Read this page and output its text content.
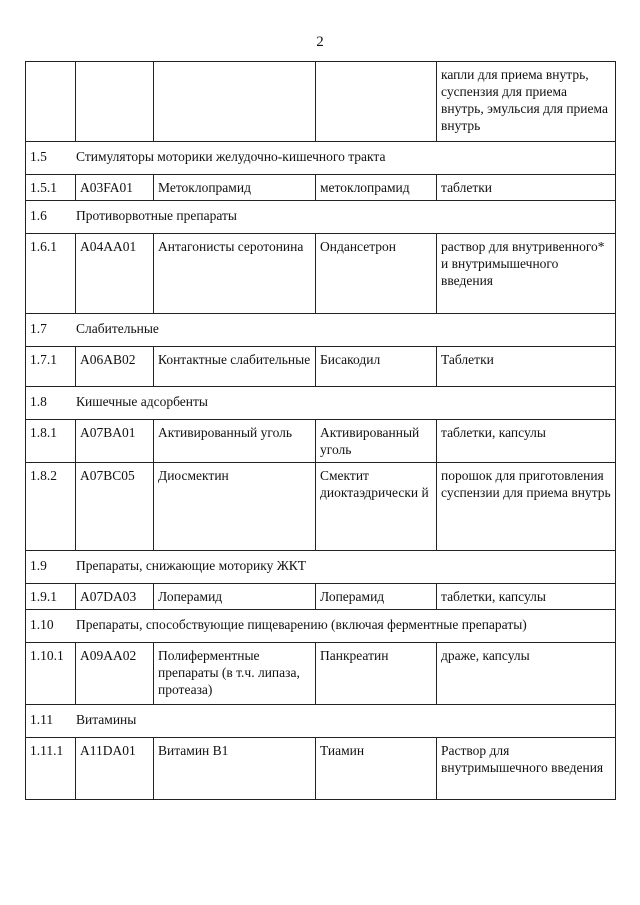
2
				капли для приема внутрь, суспензия для приема внутрь, эмульсия для приема внутрь
1.5 Стимуляторы моторики желудочно-кишечного тракта				
1.5.1	A03FA01	Метоклопрамид	метоклопрамид	таблетки
1.6 Противорвотные препараты				
1.6.1	A04AA01	Антагонисты серотонина	Ондансетрон	раствор для внутривенного* и внутримышечного введения
1.7 Слабительные				
1.7.1	A06AB02	Контактные слабительные	Бисакодил	Таблетки
1.8 Кишечные адсорбенты				
1.8.1	A07BA01	Активированный уголь	Активированный уголь	таблетки, капсулы
1.8.2	A07BC05	Диосмектин	Смектит диоктаэдрически й	порошок для приготовления суспензии для приема внутрь
1.9 Препараты, снижающие моторику ЖКТ				
1.9.1	A07DA03	Лоперамид	Лоперамид	таблетки, капсулы
1.10 Препараты, способствующие пищеварению (включая ферментные препараты)				
1.10.1	A09AA02	Полиферментные препараты (в т.ч. липаза, протеаза)	Панкреатин	драже, капсулы
1.11 Витамины				
1.11.1	A11DA01	Витамин B1	Тиамин	Раствор для внутримышечного введения
